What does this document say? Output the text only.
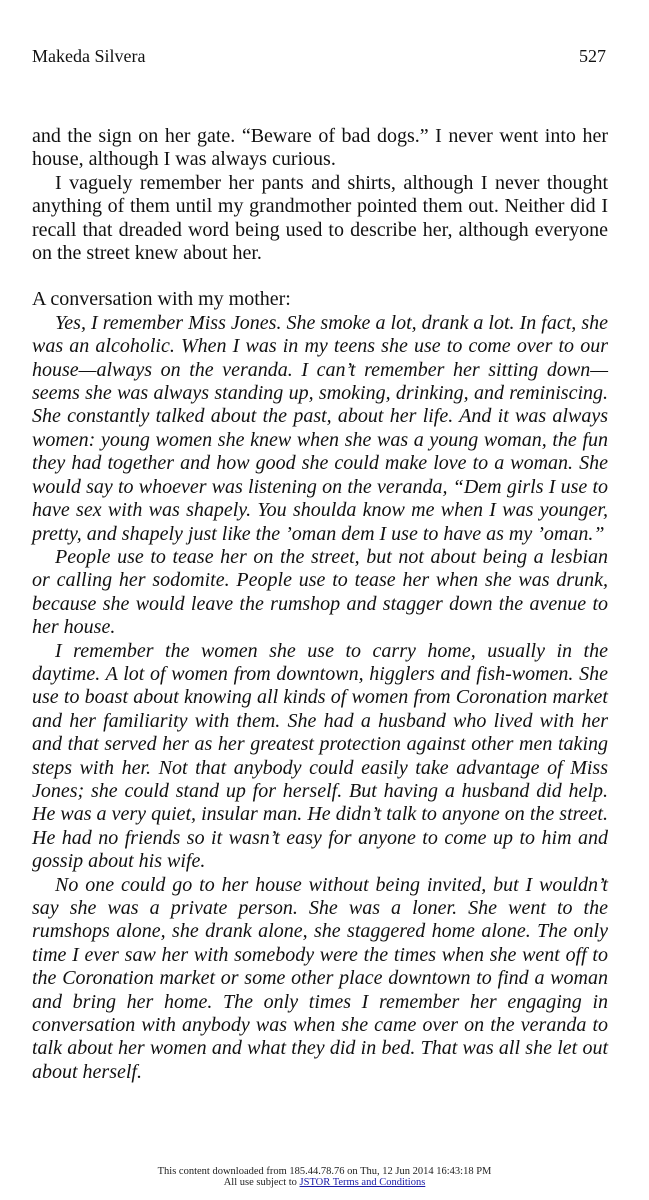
Makeda Silvera	527

and the sign on her gate. “Beware of bad dogs.” I never went into her house, although I was always curious.

I vaguely remember her pants and shirts, although I never thought anything of them until my grandmother pointed them out. Neither did I recall that dreaded word being used to describe her, although everyone on the street knew about her.

A conversation with my mother:

Yes, I remember Miss Jones. She smoke a lot, drank a lot. In fact, she was an alcoholic. When I was in my teens she use to come over to our house—always on the veranda. I can’t remember her sitting down—seems she was always standing up, smoking, drinking, and reminiscing. She constantly talked about the past, about her life. And it was always women: young women she knew when she was a young woman, the fun they had together and how good she could make love to a woman. She would say to whoever was listening on the veranda, “Dem girls I use to have sex with was shapely. You shoulda know me when I was younger, pretty, and shapely just like the ’oman dem I use to have as my ’oman.”

People use to tease her on the street, but not about being a lesbian or calling her sodomite. People use to tease her when she was drunk, because she would leave the rumshop and stagger down the avenue to her house.

I remember the women she use to carry home, usually in the daytime. A lot of women from downtown, higglers and fish-women. She use to boast about knowing all kinds of women from Coronation market and her familiarity with them. She had a husband who lived with her and that served her as her greatest protection against other men taking steps with her. Not that anybody could easily take advantage of Miss Jones; she could stand up for herself. But having a husband did help. He was a very quiet, insular man. He didn’t talk to anyone on the street. He had no friends so it wasn’t easy for anyone to come up to him and gossip about his wife.

No one could go to her house without being invited, but I wouldn’t say she was a private person. She was a loner. She went to the rumshops alone, she drank alone, she staggered home alone. The only time I ever saw her with somebody were the times when she went off to the Coronation market or some other place downtown to find a woman and bring her home. The only times I remember her engaging in conversation with anybody was when she came over on the veranda to talk about her women and what they did in bed. That was all she let out about herself.

This content downloaded from 185.44.78.76 on Thu, 12 Jun 2014 16:43:18 PM
All use subject to JSTOR Terms and Conditions
